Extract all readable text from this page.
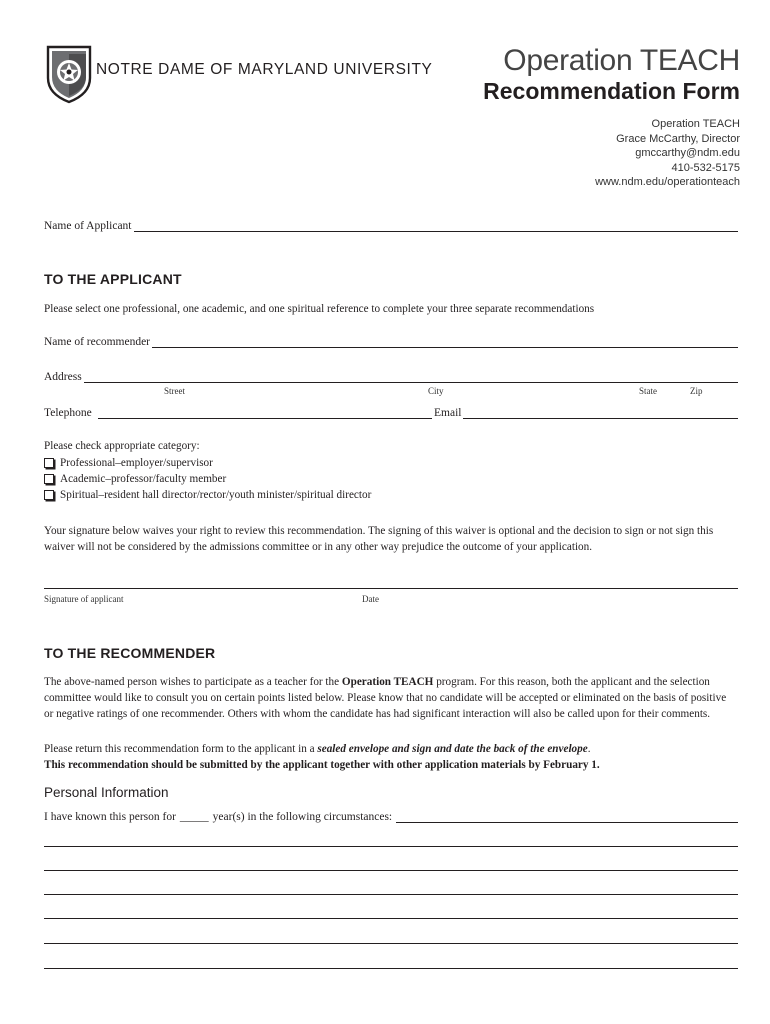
NOTRE DAME OF MARYLAND UNIVERSITY Operation TEACH
Recommendation Form
Operation TEACH
Grace McCarthy, Director
gmccarthy@ndm.edu
410-532-5175
www.ndm.edu/operationteach
Name of Applicant
TO THE APPLICANT
Please select one professional, one academic, and one spiritual reference to complete your three separate recommendations
Name of recommender
Address
Street	City	State	Zip
Telephone	Email
Please check appropriate category:
Professional–employer/supervisor
Academic–professor/faculty member
Spiritual–resident hall director/rector/youth minister/spiritual director
Your signature below waives your right to review this recommendation. The signing of this waiver is optional and the decision to sign or not sign this waiver will not be considered by the admissions committee or in any other way prejudice the outcome of your application.
Signature of applicant	Date
TO THE RECOMMENDER
The above-named person wishes to participate as a teacher for the Operation TEACH program. For this reason, both the applicant and the selection committee would like to consult you on certain points listed below. Please know that no candidate will be accepted or eliminated on the basis of positive or negative ratings of one recommender. Others with whom the candidate has had significant interaction will also be called upon for their comments.
Please return this recommendation form to the applicant in a sealed envelope and sign and date the back of the envelope.
This recommendation should be submitted by the applicant together with other application materials by February 1.
Personal Information
I have known this person for _____ year(s) in the following circumstances:
